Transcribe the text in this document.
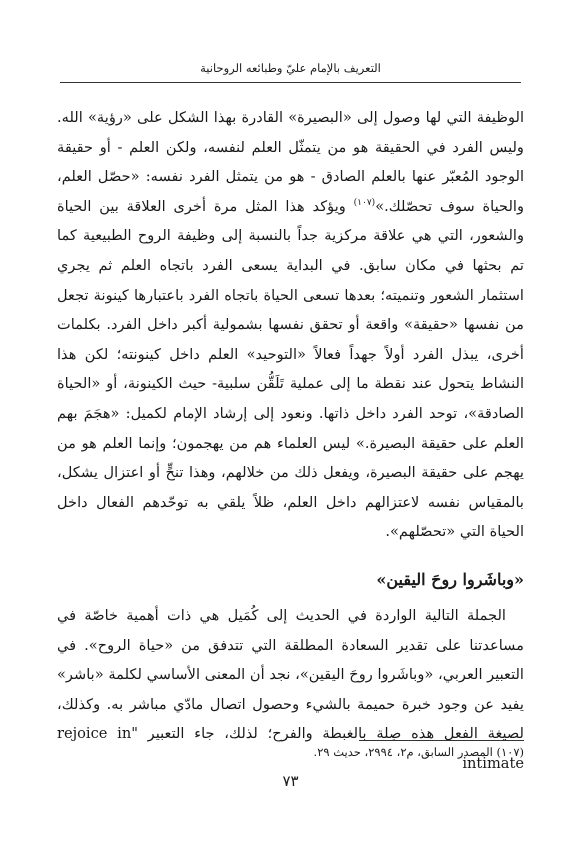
التعريف بالإمام عليّ وطبائعه الروحانية

الوظيفة التي لها وصول إلى «البصيرة» القادرة بهذا الشكل على «رؤية» الله. وليس الفرد في الحقيقة هو من يتمثّل العلم لنفسه، ولكن العلم - أو حقيقة الوجود المُعبّر عنها بالعلم الصادق - هو من يتمثل الفرد نفسه: «حصّل العلم، والحياة سوف تحصّلك.»$^{(١٠٧)}$ ويؤكد هذا المثل مرة أخرى العلاقة بين الحياة والشعور، التي هي علاقة مركزية جداً بالنسبة إلى وظيفة الروح الطبيعية كما تم بحثها في مكان سابق. في البداية يسعى الفرد باتجاه العلم ثم يجري استثمار الشعور وتنميته؛ بعدها تسعى الحياة باتجاه الفرد باعتبارها كينونة تجعل من نفسها «حقيقة» واقعة أو تحقق نفسها بشمولية أكبر داخل الفرد. بكلمات أخرى، يبذل الفرد أولاً جهداً فعالاً «التوحيد» العلم داخل كينونته؛ لكن هذا النشاط يتحول عند نقطة ما إلى عملية تَلَقُّن سلبية- حيث الكينونة، أو «الحياة الصادقة»، توحد الفرد داخل ذاتها. ونعود إلى إرشاد الإمام لكميل: «هجَمَ بهم العلم على حقيقة البصيرة.» ليس العلماء هم من يهجمون؛ وإنما العلم هو من يهجم على حقيقة البصيرة، ويفعل ذلك من خلالهم، وهذا تنحٍّ أو اعتزال يشكل، بالمقياس نفسه لاعتزالهم داخل العلم، ظلاً يلقي به توحّدهم الفعال داخل الحياة التي «تحصّلهم».

«وباشَروا روحَ اليقين»

الجملة التالية الواردة في الحديث إلى كُمَيل هي ذات أهمية خاصّة في مساعدتنا على تقدير السعادة المطلقة التي تتدفق من «حياة الروح». في التعبير العربي، «وباشَروا روحَ اليقين»، نجد أن المعنى الأساسي لكلمة «باشر» يفيد عن وجود خبرة حميمة بالشيء وحصول اتصال مادّي مباشر به. وكذلك، لصيغة الفعل هذه صِلة بالغبطة والفرح؛ لذلك، جاء التعبير "rejoice in intimate

(١٠٧) المصدر السابق، م٢، ٢٩٩٤، حديث ٢٩.
٧٣
